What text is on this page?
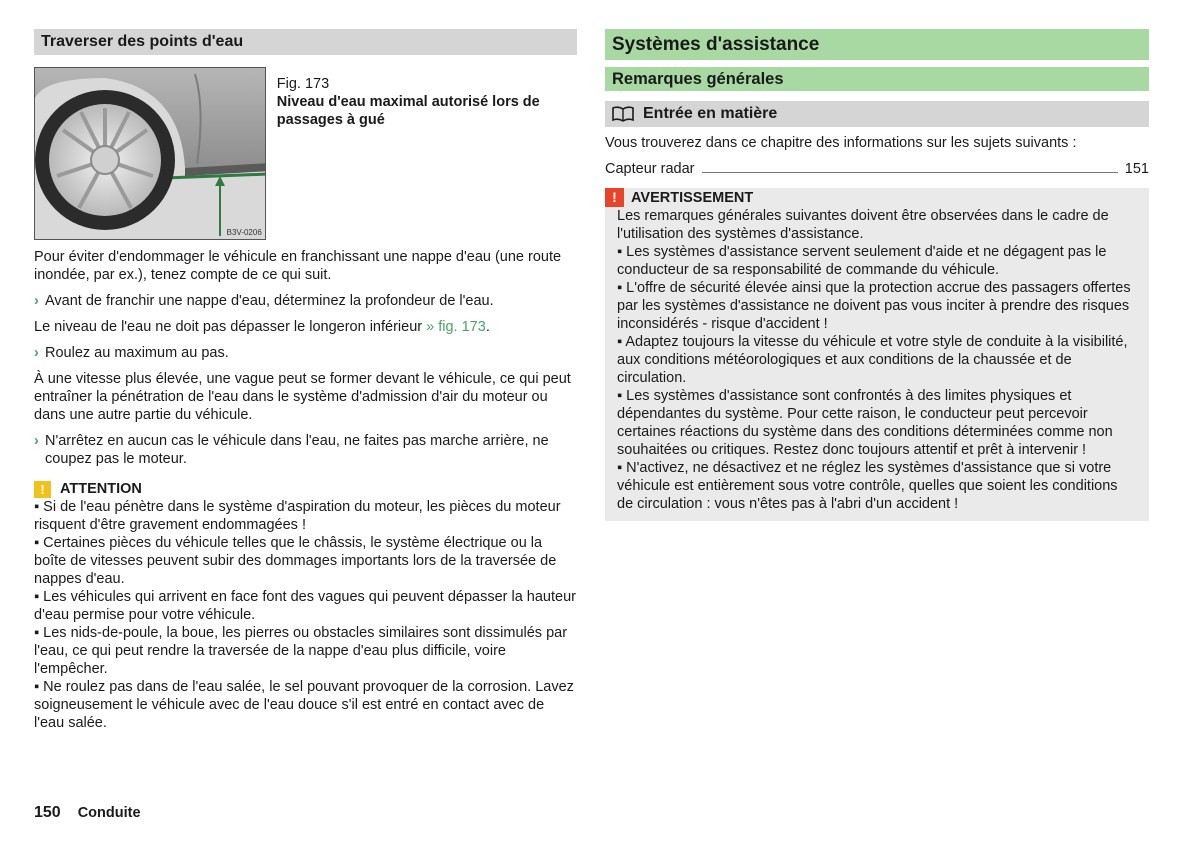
Traverser des points d'eau
B3V-0206
Fig. 173
Niveau d'eau maximal autorisé lors de passages à gué

Pour éviter d'endommager le véhicule en franchissant une nappe d'eau (une route inondée, par ex.), tenez compte de ce qui suit.

› Avant de franchir une nappe d'eau, déterminez la profondeur de l'eau.

Le niveau de l'eau ne doit pas dépasser le longeron inférieur » fig. 173.

› Roulez au maximum au pas.

À une vitesse plus élevée, une vague peut se former devant le véhicule, ce qui peut entraîner la pénétration de l'eau dans le système d'admission d'air du moteur ou dans une autre partie du véhicule.

› N'arrêtez en aucun cas le véhicule dans l'eau, ne faites pas marche arrière, ne coupez pas le moteur.
!	ATTENTION

▪ Si de l'eau pénètre dans le système d'aspiration du moteur, les pièces du moteur risquent d'être gravement endommagées !

▪ Certaines pièces du véhicule telles que le châssis, le système électrique ou la boîte de vitesses peuvent subir des dommages importants lors de la traversée de nappes d'eau.

▪ Les véhicules qui arrivent en face font des vagues qui peuvent dépasser la hauteur d'eau permise pour votre véhicule.

▪ Les nids-de-poule, la boue, les pierres ou obstacles similaires sont dissimulés par l'eau, ce qui peut rendre la traversée de la nappe d'eau plus difficile, voire l'empêcher.

▪ Ne roulez pas dans de l'eau salée, le sel pouvant provoquer de la corrosion. Lavez soigneusement le véhicule avec de l'eau douce s'il est entré en contact avec de l'eau salée.

Systèmes d'assistance
Remarques générales
Entrée en matière

Vous trouverez dans ce chapitre des informations sur les sujets suivants :

Capteur radar	151
! AVERTISSEMENT

Les remarques générales suivantes doivent être observées dans le cadre de l'utilisation des systèmes d'assistance.

▪ Les systèmes d'assistance servent seulement d'aide et ne dégagent pas le conducteur de sa responsabilité de commande du véhicule.

▪ L'offre de sécurité élevée ainsi que la protection accrue des passagers offertes par les systèmes d'assistance ne doivent pas vous inciter à prendre des risques inconsidérés - risque d'accident !

▪ Adaptez toujours la vitesse du véhicule et votre style de conduite à la visibilité, aux conditions météorologiques et aux conditions de la chaussée et de circulation.

▪ Les systèmes d'assistance sont confrontés à des limites physiques et dépendantes du système. Pour cette raison, le conducteur peut percevoir certaines réactions du système dans des conditions déterminées comme non souhaitées ou critiques. Restez donc toujours attentif et prêt à intervenir !

▪ N'activez, ne désactivez et ne réglez les systèmes d'assistance que si votre véhicule est entièrement sous votre contrôle, quelles que soient les conditions de circulation : vous n'êtes pas à l'abri d'un accident !

150 Conduite
